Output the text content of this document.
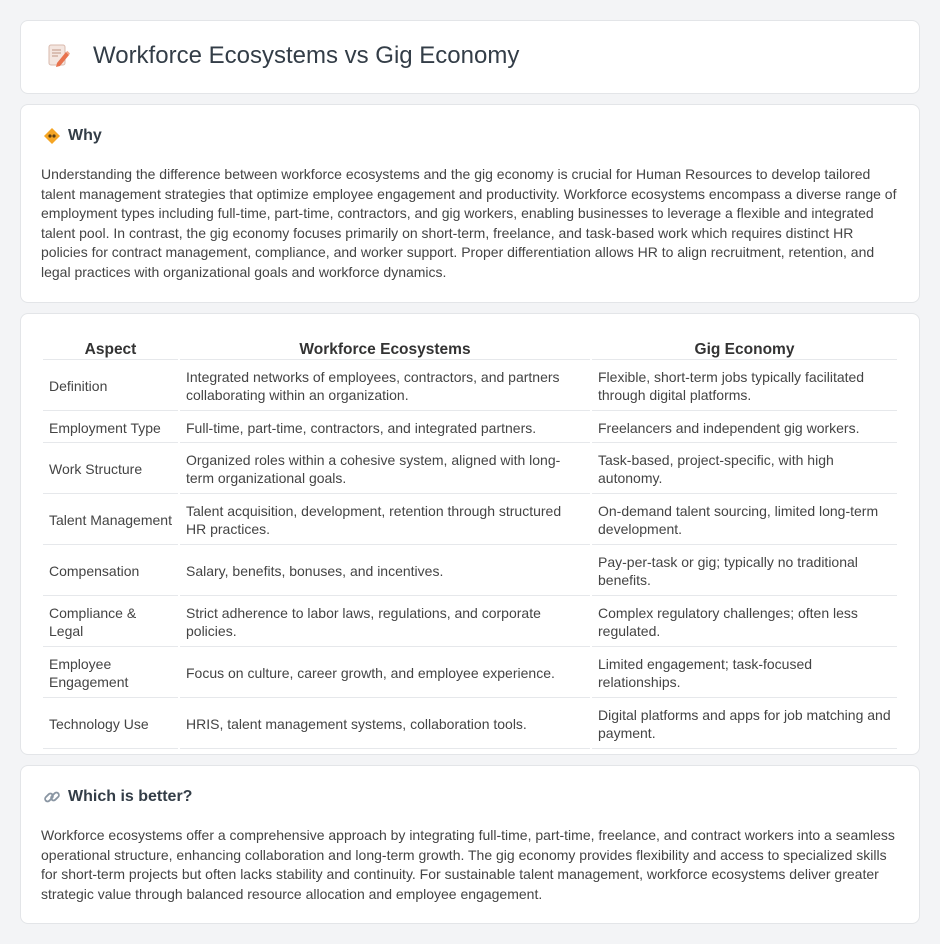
Workforce Ecosystems vs Gig Economy
Why

Understanding the difference between workforce ecosystems and the gig economy is crucial for Human Resources to develop tailored talent management strategies that optimize employee engagement and productivity. Workforce ecosystems encompass a diverse range of employment types including full-time, part-time, contractors, and gig workers, enabling businesses to leverage a flexible and integrated talent pool. In contrast, the gig economy focuses primarily on short-term, freelance, and task-based work which requires distinct HR policies for contract management, compliance, and worker support. Proper differentiation allows HR to align recruitment, retention, and legal practices with organizational goals and workforce dynamics.

Aspect	Workforce Ecosystems	Gig Economy
Definition	Integrated networks of employees, contractors, and partners collaborating within an organization.	Flexible, short-term jobs typically facilitated through digital platforms.
Employment Type	Full-time, part-time, contractors, and integrated partners.	Freelancers and independent gig workers.
Work Structure	Organized roles within a cohesive system, aligned with long-term organizational goals.	Task-based, project-specific, with high autonomy.
Talent Management	Talent acquisition, development, retention through structured HR practices.	On-demand talent sourcing, limited long-term development.
Compensation	Salary, benefits, bonuses, and incentives.	Pay-per-task or gig; typically no traditional benefits.
Compliance & Legal	Strict adherence to labor laws, regulations, and corporate policies.	Complex regulatory challenges; often less regulated.
Employee Engagement	Focus on culture, career growth, and employee experience.	Limited engagement; task-focused relationships.
Technology Use	HRIS, talent management systems, collaboration tools.	Digital platforms and apps for job matching and payment.
Which is better?

Workforce ecosystems offer a comprehensive approach by integrating full-time, part-time, freelance, and contract workers into a seamless operational structure, enhancing collaboration and long-term growth. The gig economy provides flexibility and access to specialized skills for short-term projects but often lacks stability and continuity. For sustainable talent management, workforce ecosystems deliver greater strategic value through balanced resource allocation and employee engagement.
